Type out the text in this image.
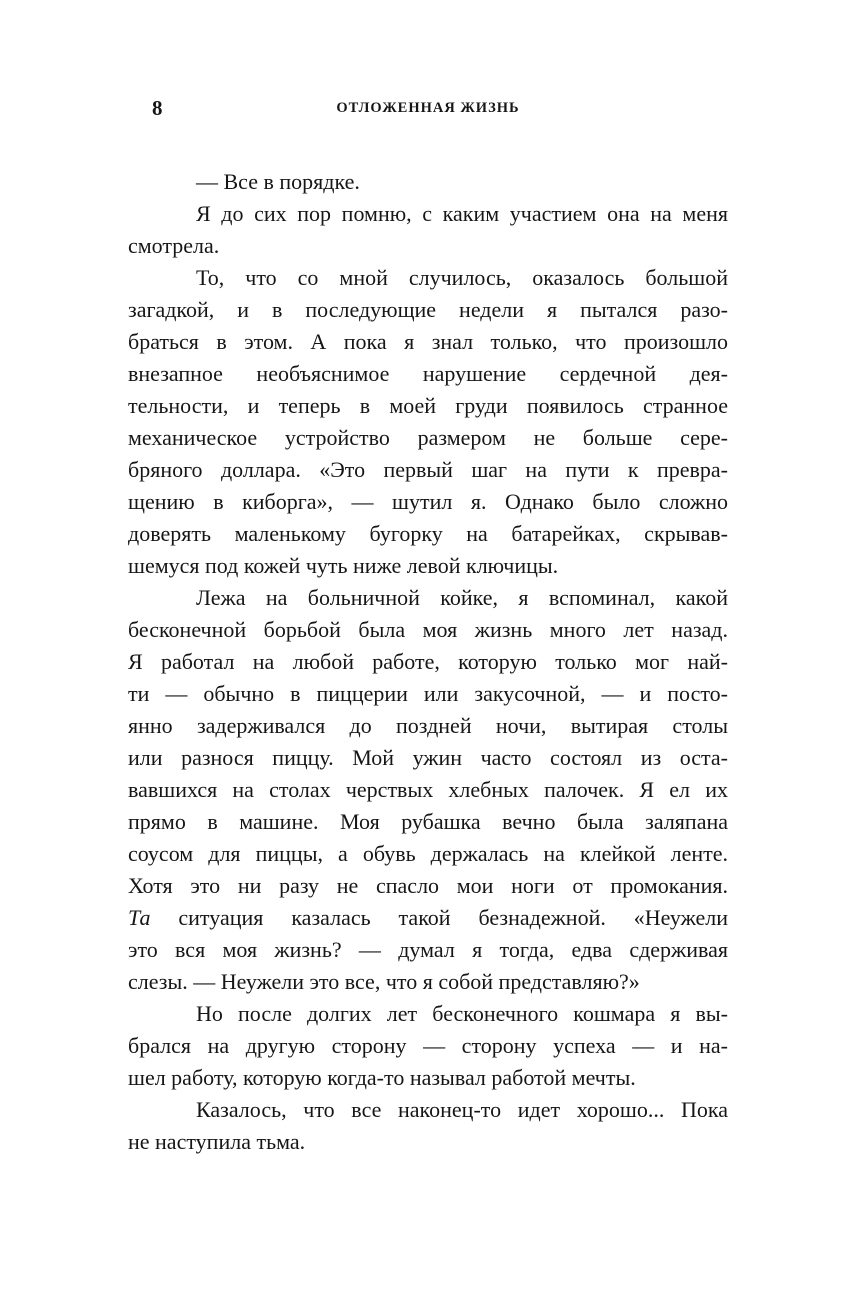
8	ОТЛОЖЕННАЯ ЖИЗНЬ
— Все в порядке.
Я до сих пор помню, с каким участием она на меня
смотрела.
То, что со мной случилось, оказалось большой
загадкой, и в последующие недели я пытался разо-
браться в этом. А пока я знал только, что произошло
внезапное необъяснимое нарушение сердечной дея-
тельности, и теперь в моей груди появилось странное
механическое устройство размером не больше сере-
бряного доллара. «Это первый шаг на пути к превра-
щению в киборга», — шутил я. Однако было сложно
доверять маленькому бугорку на батарейках, скрывав-
шемуся под кожей чуть ниже левой ключицы.
Лежа на больничной койке, я вспоминал, какой
бесконечной борьбой была моя жизнь много лет назад.
Я работал на любой работе, которую только мог най-
ти — обычно в пиццерии или закусочной, — и посто-
янно задерживался до поздней ночи, вытирая столы
или разнося пиццу. Мой ужин часто состоял из оста-
вавшихся на столах черствых хлебных палочек. Я ел их
прямо в машине. Моя рубашка вечно была заляпана
соусом для пиццы, а обувь держалась на клейкой ленте.
Хотя это ни разу не спасло мои ноги от промокания.
Та ситуация казалась такой безнадежной. «Неужели
это вся моя жизнь? — думал я тогда, едва сдерживая
слезы. — Неужели это все, что я собой представляю?»
Но после долгих лет бесконечного кошмара я вы-
брался на другую сторону — сторону успеха — и на-
шел работу, которую когда-то называл работой мечты.
Казалось, что все наконец-то идет хорошо... Пока
не наступила тьма.
